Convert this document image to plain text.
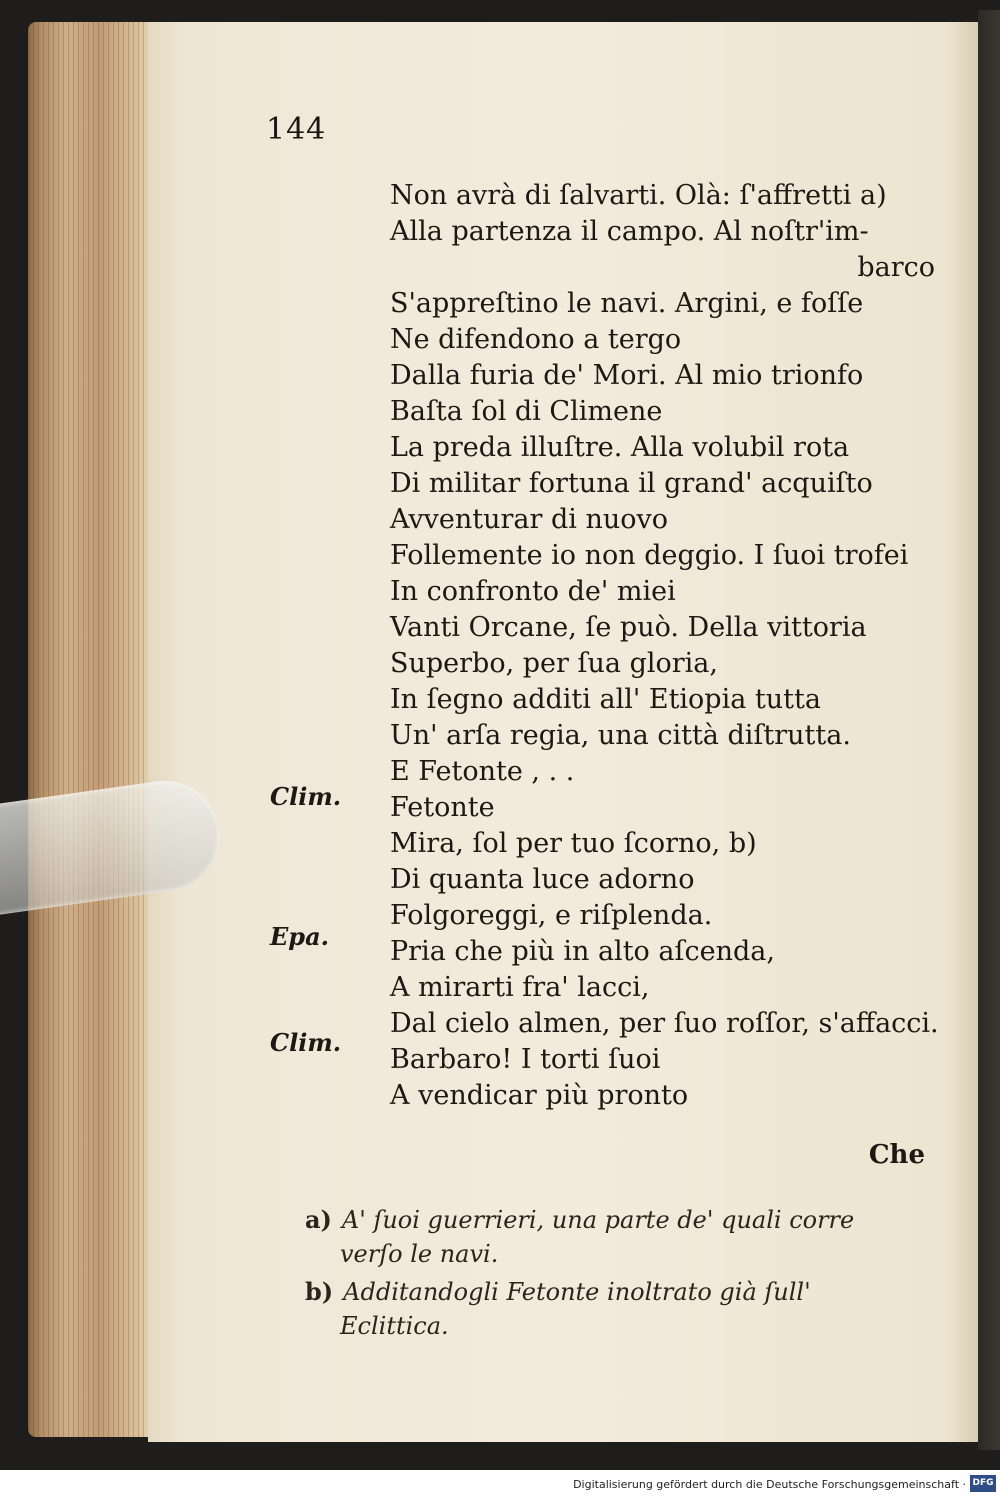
144
Non avrà di ſalvarti. Olà: ſ'affretti a)
Alla partenza il campo. Al noſtr'im-
barco
S'appreſtino le navi. Argini, e foſſe
Ne difendono a tergo
Dalla furia de' Mori. Al mio trionfo
Baſta ſol di Climene
La preda illuſtre. Alla volubil rota
Di militar fortuna il grand' acquiſto
Avventurar di nuovo
Follemente io non deggio. I ſuoi trofei
In confronto de' miei
Vanti Orcane, ſe può. Della vittoria
Superbo, per ſua gloria,
In ſegno additi all' Etiopia tutta
Un' arſa regia, una città diſtrutta.
E Fetonte , . .
Fetonte
Mira, ſol per tuo ſcorno, b)
Di quanta luce adorno
Folgoreggi, e riſplenda.
Pria che più in alto aſcenda,
A mirarti fra' lacci,
Dal cielo almen, per ſuo roſſor, s'affacci.
Barbaro! I torti ſuoi
A vendicar più pronto
Clim.
Epa.
Clim.
Che
a) A' ſuoi guerrieri, una parte de' quali corre
verſo le navi.
b) Additandogli Fetonte inoltrato già ſull'
Eclittica.
Digitalisierung gefördert durch die Deutsche Forschungsgemeinschaft · DFG
